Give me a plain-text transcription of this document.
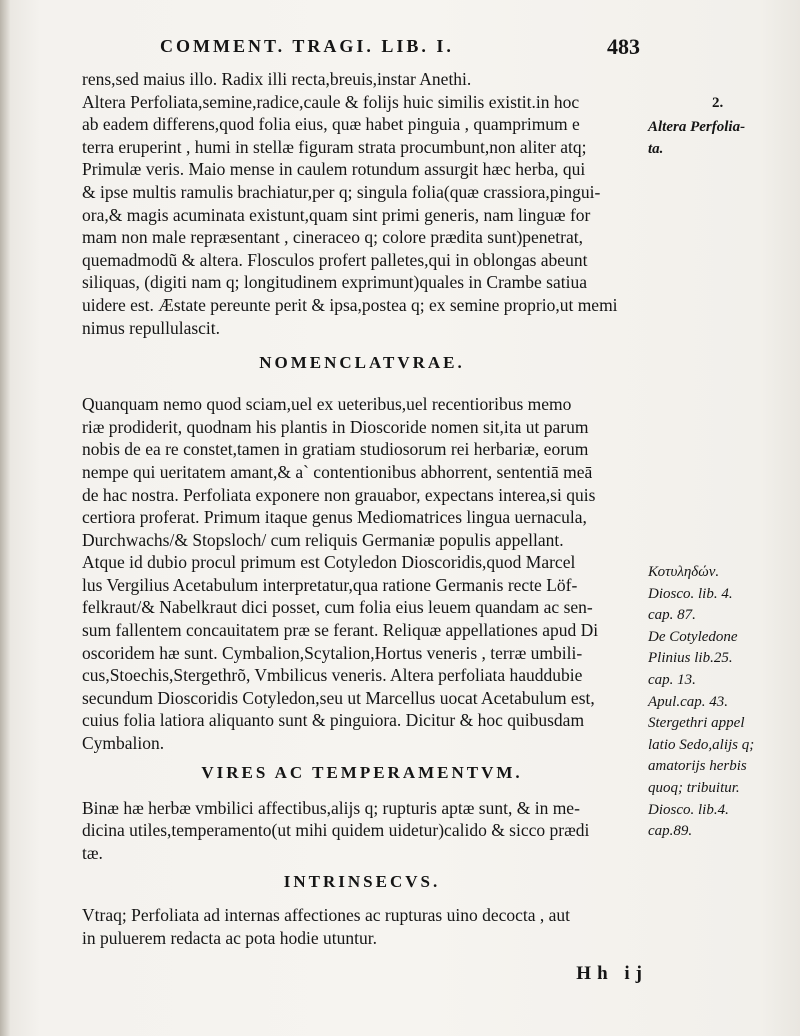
COMMENT. TRAGI. LIB. I.	483
rens,sed maius illo. Radix illi recta,breuis,instar Anethi.
Altera Perfoliata,semine,radice,caule & folijs huic similis existit.in hoc
ab eadem differens,quod folia eius, quæ habet pinguia , quamprimum e
terra eruperint , humi in stellæ figuram strata procumbunt,non aliter atq;
Primulæ veris. Maio mense in caulem rotundum assurgit hæc herba, qui
& ipse multis ramulis brachiatur,per q; singula folia(quæ crassiora,pingui-
ora,& magis acuminata existunt,quam sint primi generis, nam linguæ for
mam non male repræsentant , cineraceo q; colore prædita sunt)penetrat,
quemadmodũ & altera. Flosculos profert palletes,qui in oblongas abeunt
siliquas, (digiti nam q; longitudinem exprimunt)quales in Crambe satiua
uidere est. Æstate pereunte perit & ipsa,postea q; ex semine proprio,ut memi
nimus repullulascit.
NOMENCLATVRAE.
Quanquam nemo quod sciam,uel ex ueteribus,uel recentioribus memo
riæ prodiderit, quodnam his plantis in Dioscoride nomen sit,ita ut parum
nobis de ea re constet,tamen in gratiam studiosorum rei herbariæ, eorum
nempe qui ueritatem amant,& a` contentionibus abhorrent, sententiā meā
de hac nostra. Perfoliata exponere non grauabor, expectans interea,si quis
certiora proferat. Primum itaque genus Mediomatrices lingua uernacula,
Durchwachs/& Stopsloch/ cum reliquis Germaniæ populis appellant.
Atque id dubio procul primum est Cotyledon Dioscoridis,quod Marcel
lus Vergilius Acetabulum interpretatur,qua ratione Germanis recte Löf-
felkraut/& Nabelkraut dici posset, cum folia eius leuem quandam ac sen-
sum fallentem concauitatem præ se ferant. Reliquæ appellationes apud Di
oscoridem hæ sunt. Cymbalion,Scytalion,Hortus veneris , terræ umbili-
cus,Stoechis,Stergethrõ, Vmbilicus veneris. Altera perfoliata hauddubie
secundum Dioscoridis Cotyledon,seu ut Marcellus uocat Acetabulum est,
cuius folia latiora aliquanto sunt & pinguiora. Dicitur & hoc quibusdam
Cymbalion.
VIRES AC TEMPERAMENTVM.
Binæ hæ herbæ vmbilici affectibus,alijs q; rupturis aptæ sunt, & in me-
dicina utiles,temperamento(ut mihi quidem uidetur)calido & sicco prædi
tæ.
INTRINSECVS.
Vtraq; Perfoliata ad internas affectiones ac rupturas uino decocta , aut
in puluerem redacta ac pota hodie utuntur.
2.
Altera Perfolia-
ta.
Κοτυληδών.
Diosco. lib. 4.
cap. 87.
De Cotyledone
Plinius lib.25.
cap. 13.
Apul.cap. 43.
Stergethri appel
latio Sedo,alijs q;
amatorijs herbis
quoq; tribuitur.
Diosco. lib.4.
cap.89.
Hh ij
